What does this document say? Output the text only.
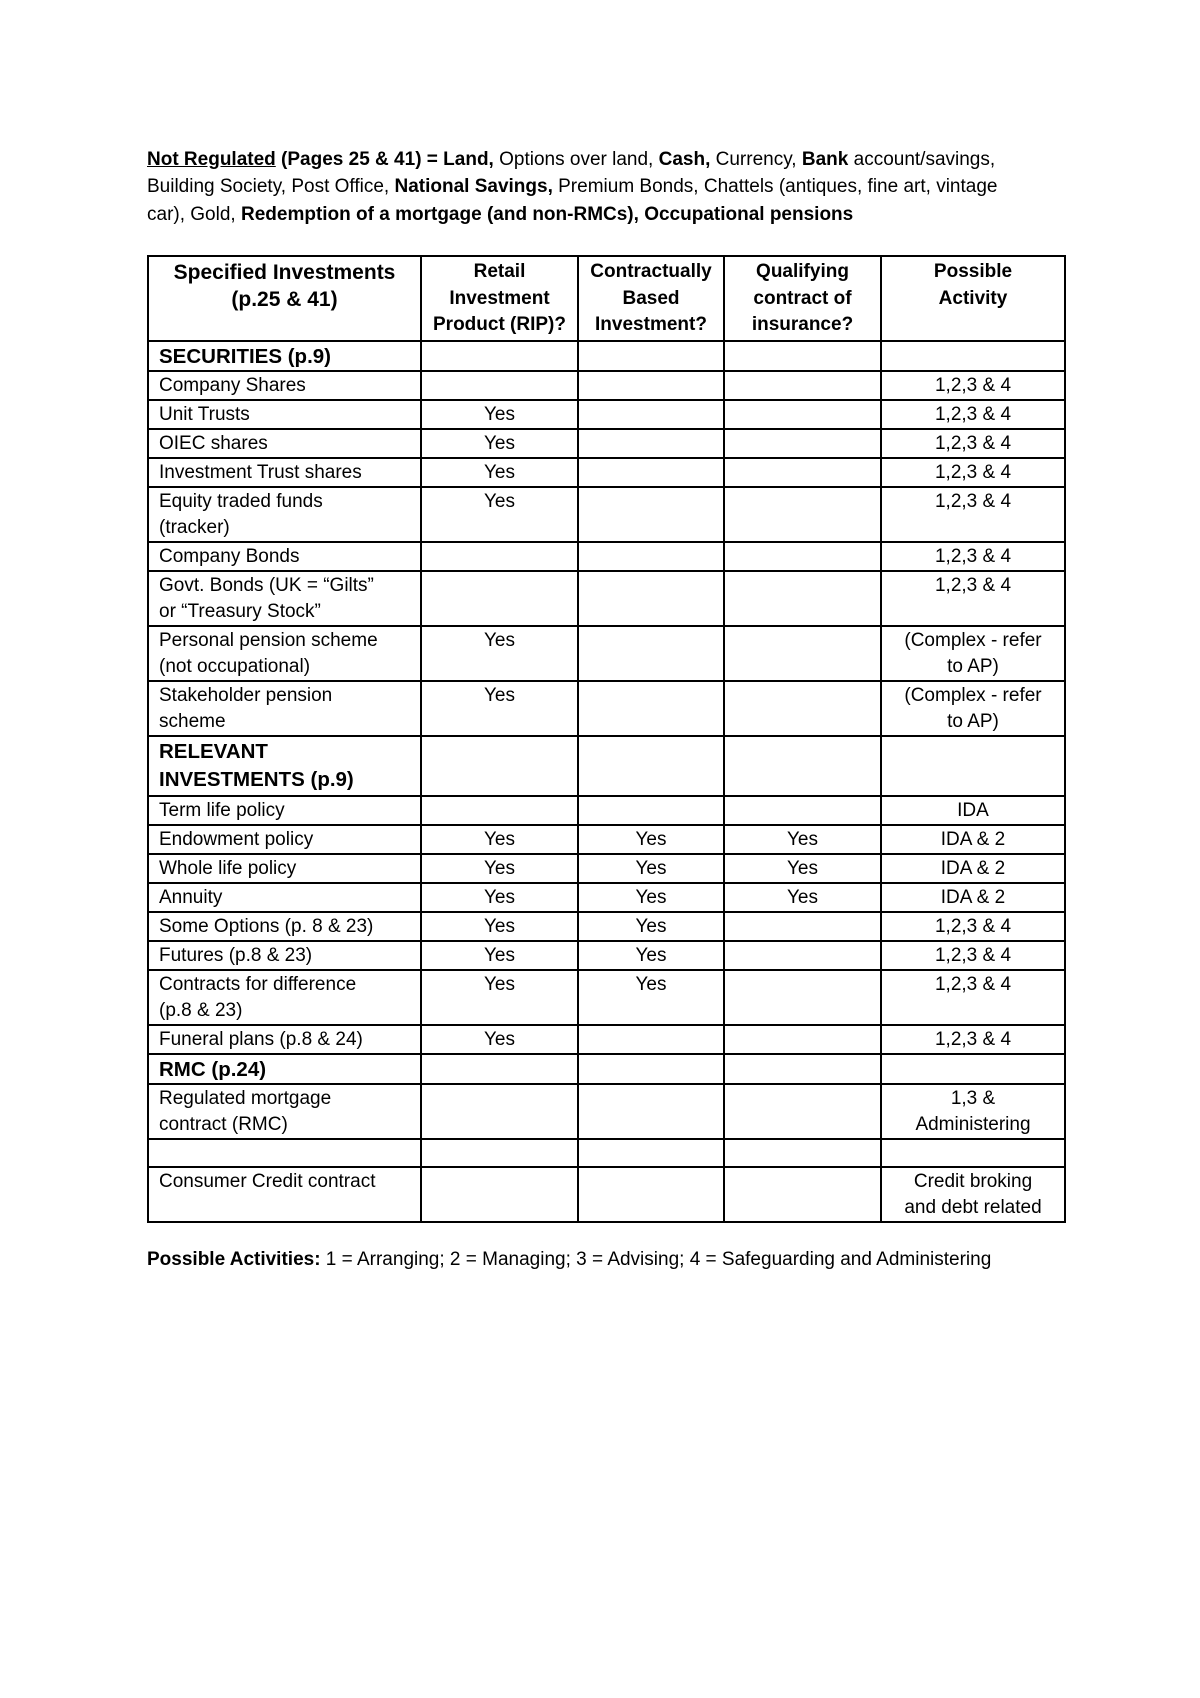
Not Regulated (Pages 25 & 41) = Land, Options over land, Cash, Currency, Bank account/savings,
Building Society, Post Office, National Savings, Premium Bonds, Chattels (antiques, fine art, vintage
car), Gold, Redemption of a mortgage (and non-RMCs), Occupational pensions
Specified Investments
(p.25 & 41)	Retail
Investment
Product (RIP)?	Contractually
Based
Investment?	Qualifying
contract of
insurance?	Possible
Activity

SECURITIES (p.9)				

Company Shares				1,2,3 & 4

Unit Trusts	Yes			1,2,3 & 4

OIEC shares	Yes			1,2,3 & 4

Investment Trust shares	Yes			1,2,3 & 4

Equity traded funds
(tracker)	Yes			1,2,3 & 4

Company Bonds				1,2,3 & 4

Govt. Bonds (UK = “Gilts”
or “Treasury Stock”				1,2,3 & 4

Personal pension scheme
(not occupational)	Yes			(Complex - refer
to AP)

Stakeholder pension
scheme	Yes			(Complex - refer
to AP)

RELEVANT
INVESTMENTS (p.9)				

Term life policy				IDA

Endowment policy	Yes	Yes	Yes	IDA & 2

Whole life policy	Yes	Yes	Yes	IDA & 2

Annuity	Yes	Yes	Yes	IDA & 2

Some Options (p. 8 & 23)	Yes	Yes		1,2,3 & 4

Futures (p.8 & 23)	Yes	Yes		1,2,3 & 4

Contracts for difference
(p.8 & 23)	Yes	Yes		1,2,3 & 4

Funeral plans (p.8 & 24)	Yes			1,2,3 & 4

RMC (p.24)				

Regulated mortgage
contract (RMC)				1,3 &
Administering

Consumer Credit contract				Credit broking
and debt related
Possible Activities: 1 = Arranging; 2 = Managing; 3 = Advising; 4 = Safeguarding and Administering
